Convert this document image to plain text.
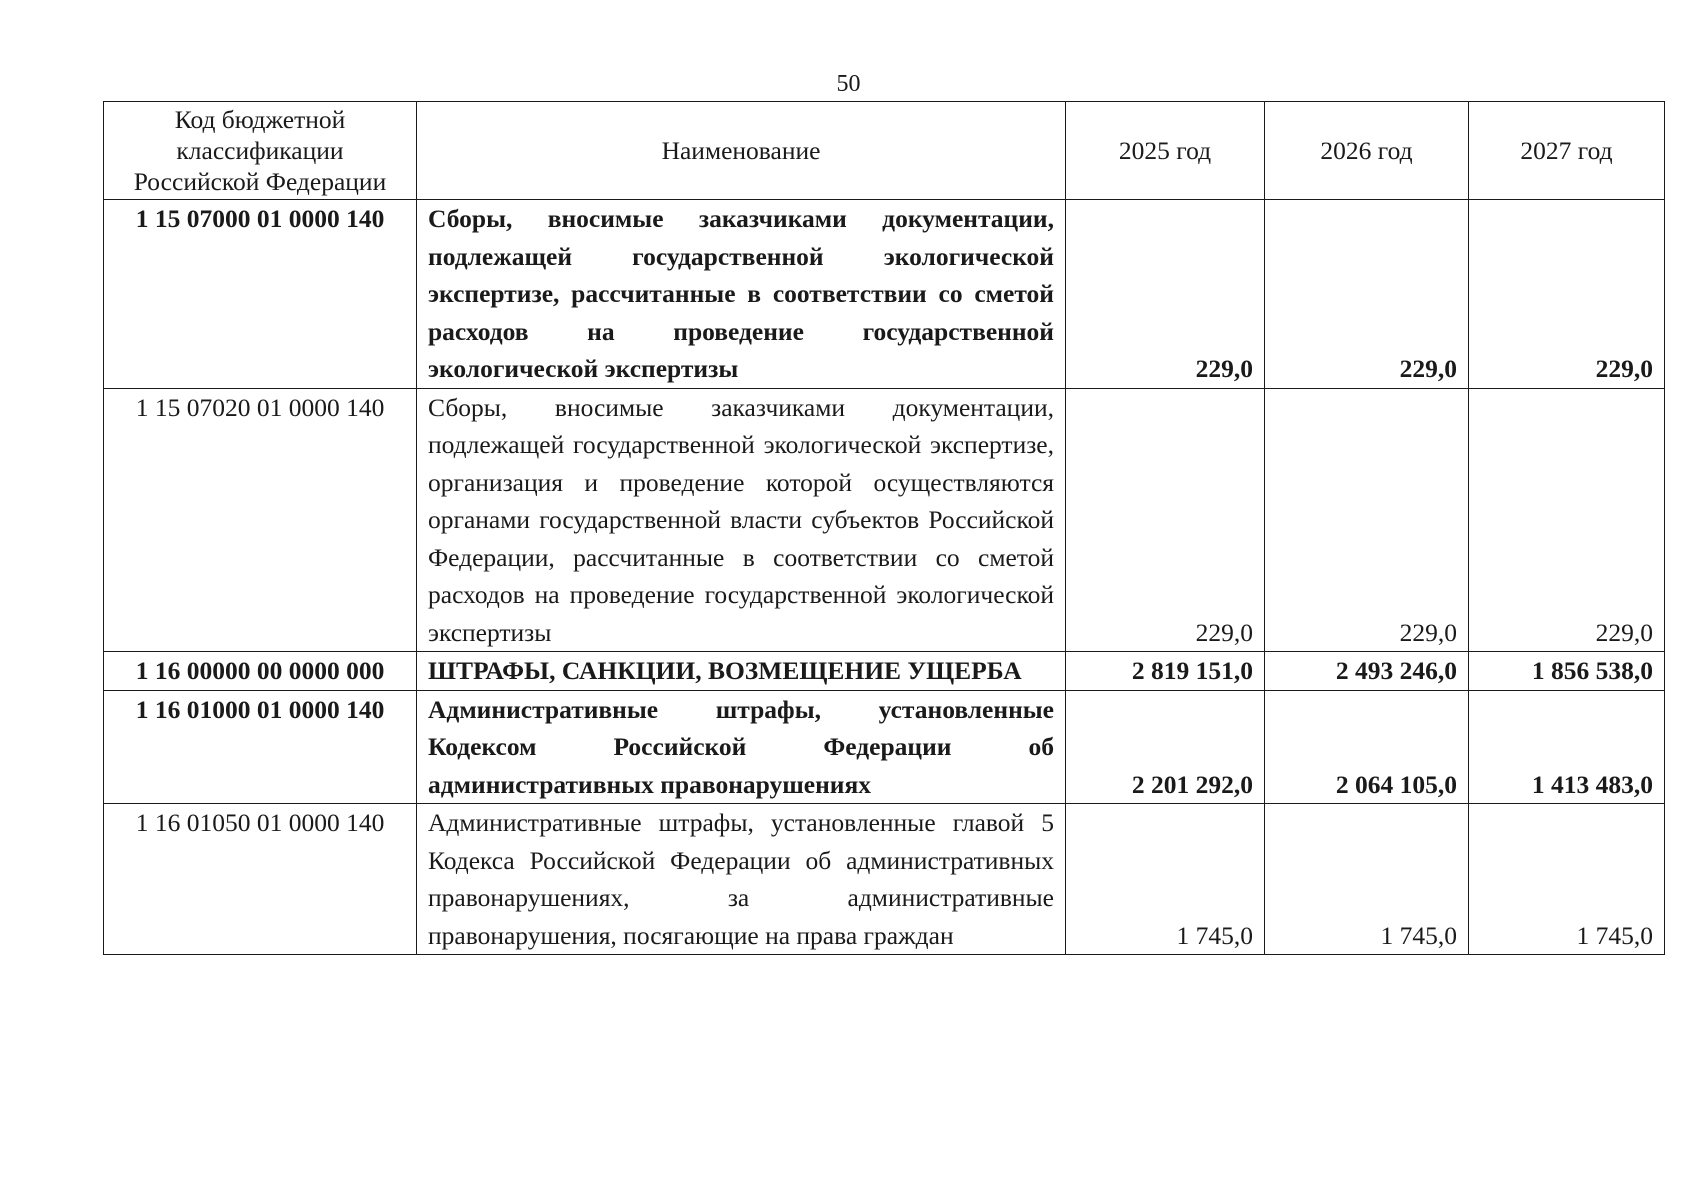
50
Код бюджетной классификации Российской Федерации	Наименование	2025 год	2026 год	2027 год
1 15 07000 01 0000 140	Сборы, вносимые заказчиками документации, подлежащей государственной экологической экспертизе, рассчитанные в соответствии со сметой расходов на проведение государственной экологической экспертизы	229,0	229,0	229,0
1 15 07020 01 0000 140	Сборы, вносимые заказчиками документации, подлежащей государственной экологической экспертизе, организация и проведение которой осуществляются органами государственной власти субъектов Российской Федерации, рассчитанные в соответствии со сметой расходов на проведение государственной экологической экспертизы	229,0	229,0	229,0
1 16 00000 00 0000 000	ШТРАФЫ, САНКЦИИ, ВОЗМЕЩЕНИЕ УЩЕРБА	2 819 151,0	2 493 246,0	1 856 538,0
1 16 01000 01 0000 140	Административные штрафы, установленные Кодексом Российской Федерации об административных правонарушениях	2 201 292,0	2 064 105,0	1 413 483,0
1 16 01050 01 0000 140	Административные штрафы, установленные главой 5 Кодекса Российской Федерации об административных правонарушениях, за административные правонарушения, посягающие на права граждан	1 745,0	1 745,0	1 745,0
